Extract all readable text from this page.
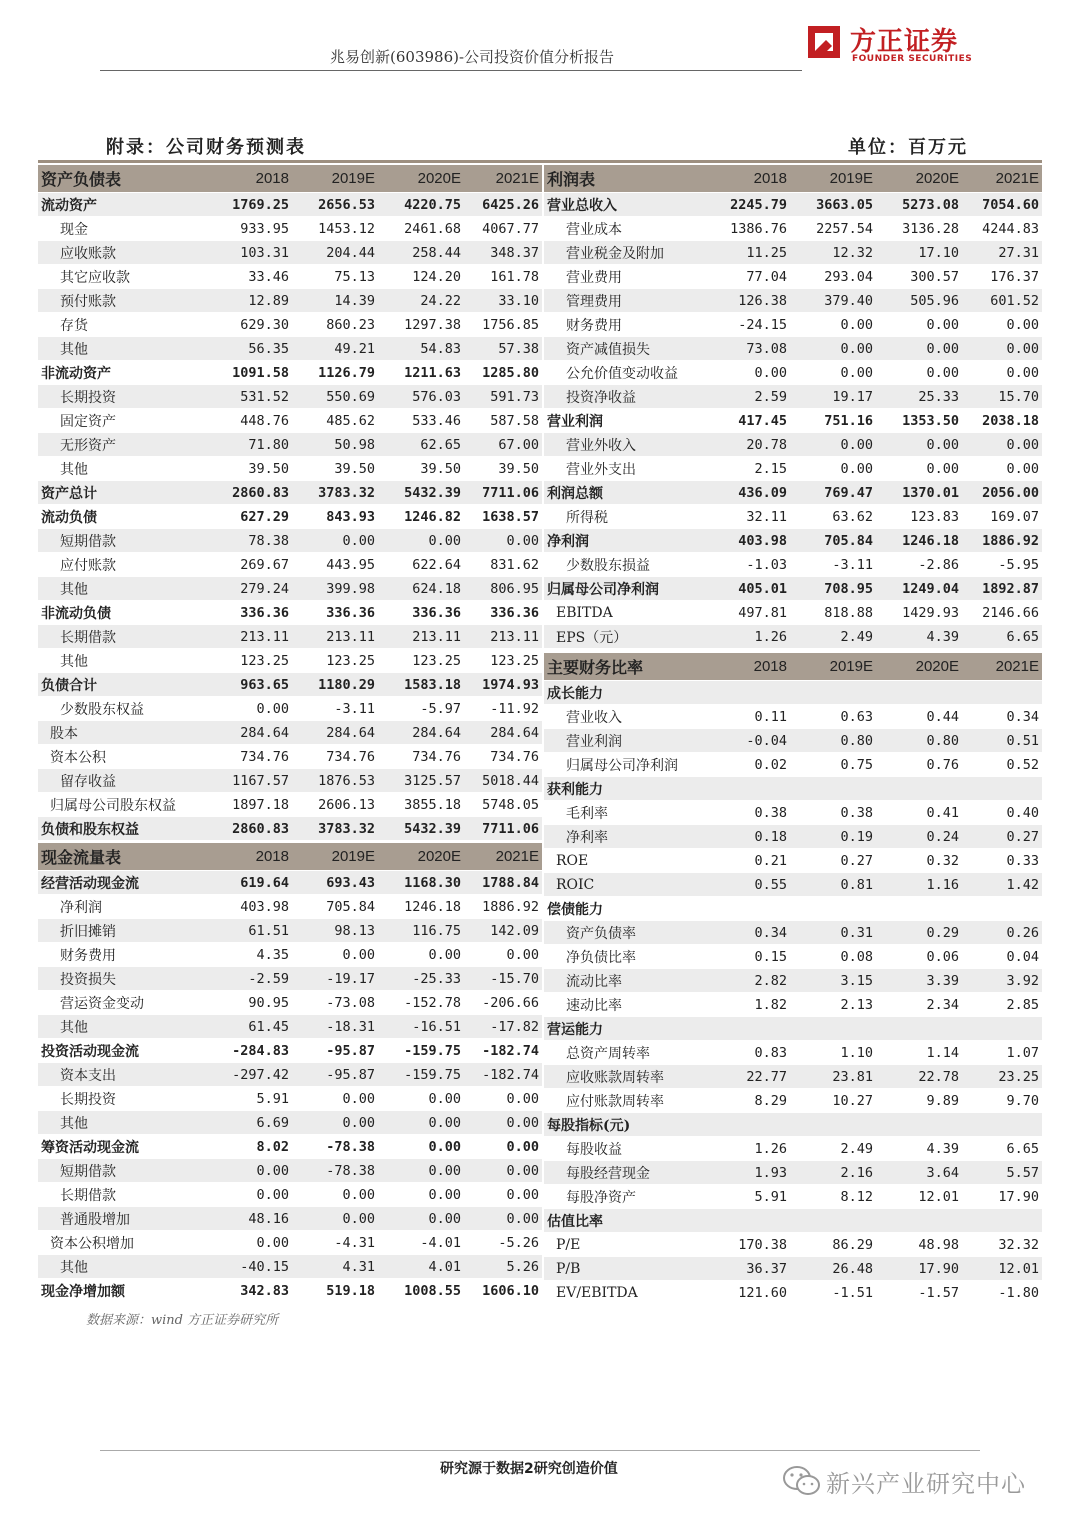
兆易创新(603986)-公司投资价值分析报告	方正证券
FOUNDER SECURITIES
附录：公司财务预测表	单位：百万元
资产负债表	2018	2019E	2020E	2021E
流动资产	1769.25	2656.53	4220.75	6425.26
现金	933.95	1453.12	2461.68	4067.77
应收账款	103.31	204.44	258.44	348.37
其它应收款	33.46	75.13	124.20	161.78
预付账款	12.89	14.39	24.22	33.10
存货	629.30	860.23	1297.38	1756.85
其他	56.35	49.21	54.83	57.38
非流动资产	1091.58	1126.79	1211.63	1285.80
长期投资	531.52	550.69	576.03	591.73
固定资产	448.76	485.62	533.46	587.58
无形资产	71.80	50.98	62.65	67.00
其他	39.50	39.50	39.50	39.50
资产总计	2860.83	3783.32	5432.39	7711.06
流动负债	627.29	843.93	1246.82	1638.57
短期借款	78.38	0.00	0.00	0.00
应付账款	269.67	443.95	622.64	831.62
其他	279.24	399.98	624.18	806.95
非流动负债	336.36	336.36	336.36	336.36
长期借款	213.11	213.11	213.11	213.11
其他	123.25	123.25	123.25	123.25
负债合计	963.65	1180.29	1583.18	1974.93
少数股东权益	0.00	-3.11	-5.97	-11.92
股本	284.64	284.64	284.64	284.64
资本公积	734.76	734.76	734.76	734.76
留存收益	1167.57	1876.53	3125.57	5018.44
归属母公司股东权益	1897.18	2606.13	3855.18	5748.05
负债和股东权益	2860.83	3783.32	5432.39	7711.06
现金流量表	2018	2019E	2020E	2021E
经营活动现金流	619.64	693.43	1168.30	1788.84
净利润	403.98	705.84	1246.18	1886.92
折旧摊销	61.51	98.13	116.75	142.09
财务费用	4.35	0.00	0.00	0.00
投资损失	-2.59	-19.17	-25.33	-15.70
营运资金变动	90.95	-73.08	-152.78	-206.66
其他	61.45	-18.31	-16.51	-17.82
投资活动现金流	-284.83	-95.87	-159.75	-182.74
资本支出	-297.42	-95.87	-159.75	-182.74
长期投资	5.91	0.00	0.00	0.00
其他	6.69	0.00	0.00	0.00
筹资活动现金流	8.02	-78.38	0.00	0.00
短期借款	0.00	-78.38	0.00	0.00
长期借款	0.00	0.00	0.00	0.00
普通股增加	48.16	0.00	0.00	0.00
资本公积增加	0.00	-4.31	-4.01	-5.26
其他	-40.15	4.31	4.01	5.26
现金净增加额	342.83	519.18	1008.55	1606.10
利润表	2018	2019E	2020E	2021E
营业总收入	2245.79	3663.05	5273.08	7054.60
营业成本	1386.76	2257.54	3136.28	4244.83
营业税金及附加	11.25	12.32	17.10	27.31
营业费用	77.04	293.04	300.57	176.37
管理费用	126.38	379.40	505.96	601.52
财务费用	-24.15	0.00	0.00	0.00
资产减值损失	73.08	0.00	0.00	0.00
公允价值变动收益	0.00	0.00	0.00	0.00
投资净收益	2.59	19.17	25.33	15.70
营业利润	417.45	751.16	1353.50	2038.18
营业外收入	20.78	0.00	0.00	0.00
营业外支出	2.15	0.00	0.00	0.00
利润总额	436.09	769.47	1370.01	2056.00
所得税	32.11	63.62	123.83	169.07
净利润	403.98	705.84	1246.18	1886.92
少数股东损益	-1.03	-3.11	-2.86	-5.95
归属母公司净利润	405.01	708.95	1249.04	1892.87
EBITDA	497.81	818.88	1429.93	2146.66
EPS（元）	1.26	2.49	4.39	6.65
主要财务比率	2018	2019E	2020E	2021E
成长能力				
营业收入	0.11	0.63	0.44	0.34
营业利润	-0.04	0.80	0.80	0.51
归属母公司净利润	0.02	0.75	0.76	0.52
获利能力				
毛利率	0.38	0.38	0.41	0.40
净利率	0.18	0.19	0.24	0.27
ROE	0.21	0.27	0.32	0.33
ROIC	0.55	0.81	1.16	1.42
偿债能力				
资产负债率	0.34	0.31	0.29	0.26
净负债比率	0.15	0.08	0.06	0.04
流动比率	2.82	3.15	3.39	3.92
速动比率	1.82	2.13	2.34	2.85
营运能力				
总资产周转率	0.83	1.10	1.14	1.07
应收账款周转率	22.77	23.81	22.78	23.25
应付账款周转率	8.29	10.27	9.89	9.70
每股指标(元)				
每股收益	1.26	2.49	4.39	6.65
每股经营现金	1.93	2.16	3.64	5.57
每股净资产	5.91	8.12	12.01	17.90
估值比率				
P/E	170.38	86.29	48.98	32.32
P/B	36.37	26.48	17.90	12.01
EV/EBITDA	121.60	-1.51	-1.57	-1.80
数据来源：wind 方正证券研究所
研究源于数据2研究创造价值
新兴产业研究中心
